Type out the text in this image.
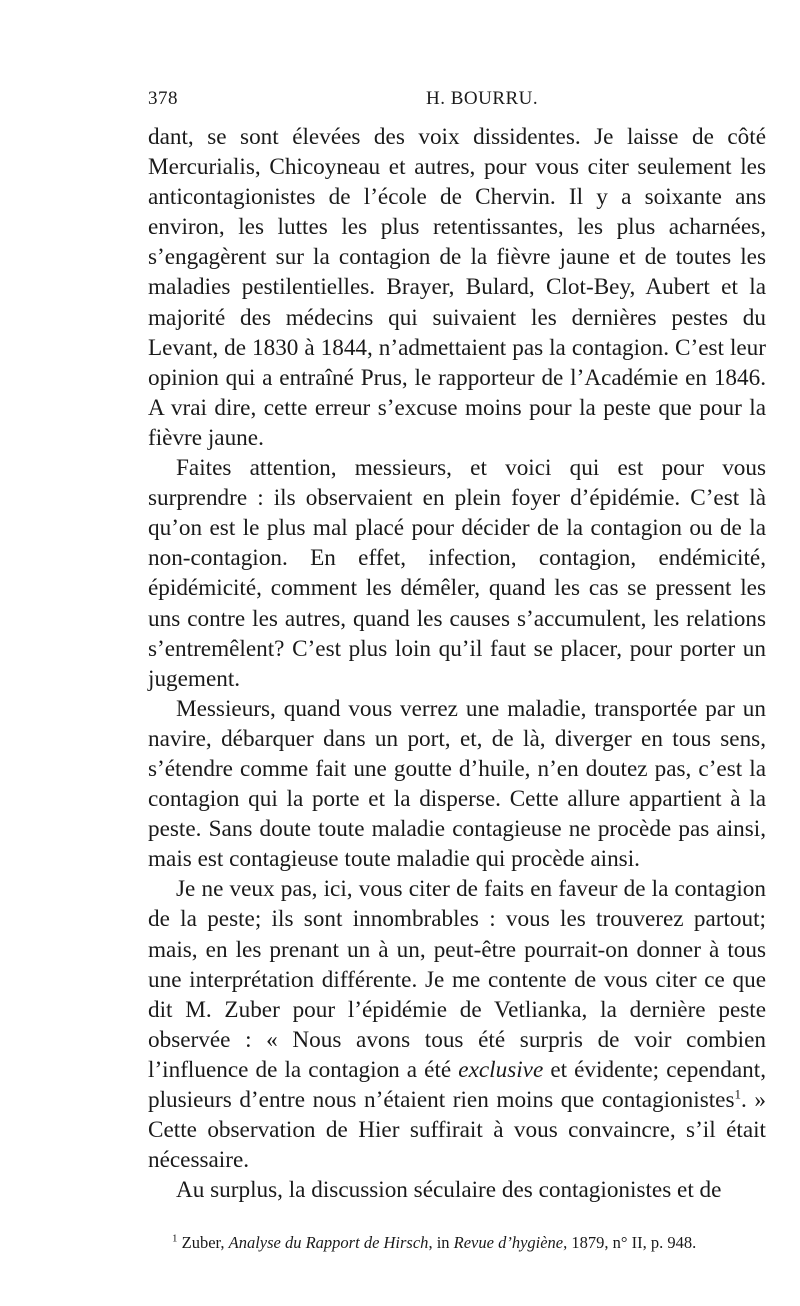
378	H. BOURRU.

dant, se sont élevées des voix dissidentes. Je laisse de côté Mercurialis, Chicoyneau et autres, pour vous citer seulement les anticontagionistes de l’école de Chervin. Il y a soixante ans environ, les luttes les plus retentissantes, les plus acharnées, s’engagèrent sur la contagion de la fièvre jaune et de toutes les maladies pestilentielles. Brayer, Bulard, Clot-Bey, Aubert et la majorité des médecins qui suivaient les dernières pestes du Levant, de 1830 à 1844, n’admettaient pas la contagion. C’est leur opinion qui a entraîné Prus, le rapporteur de l’Académie en 1846. A vrai dire, cette erreur s’excuse moins pour la peste que pour la fièvre jaune.

Faites attention, messieurs, et voici qui est pour vous surprendre : ils observaient en plein foyer d’épidémie. C’est là qu’on est le plus mal placé pour décider de la contagion ou de la non-contagion. En effet, infection, contagion, endémicité, épidémicité, comment les démêler, quand les cas se pressent les uns contre les autres, quand les causes s’accumulent, les relations s’entremêlent? C’est plus loin qu’il faut se placer, pour porter un jugement.

Messieurs, quand vous verrez une maladie, transportée par un navire, débarquer dans un port, et, de là, diverger en tous sens, s’étendre comme fait une goutte d’huile, n’en doutez pas, c’est la contagion qui la porte et la disperse. Cette allure appartient à la peste. Sans doute toute maladie contagieuse ne procède pas ainsi, mais est contagieuse toute maladie qui procède ainsi.

Je ne veux pas, ici, vous citer de faits en faveur de la contagion de la peste; ils sont innombrables : vous les trouverez partout; mais, en les prenant un à un, peut-être pourrait-on donner à tous une interprétation différente. Je me contente de vous citer ce que dit M. Zuber pour l’épidémie de Vetlianka, la dernière peste observée : « Nous avons tous été surpris de voir combien l’influence de la contagion a été exclusive et évidente; cependant, plusieurs d’entre nous n’étaient rien moins que contagionistes$^1$. » Cette observation de Hier suffirait à vous convaincre, s’il était nécessaire.

Au surplus, la discussion séculaire des contagionistes et de

$^1$ Zuber, Analyse du Rapport de Hirsch, in Revue d’hygiène, 1879, n° II, p. 948.
